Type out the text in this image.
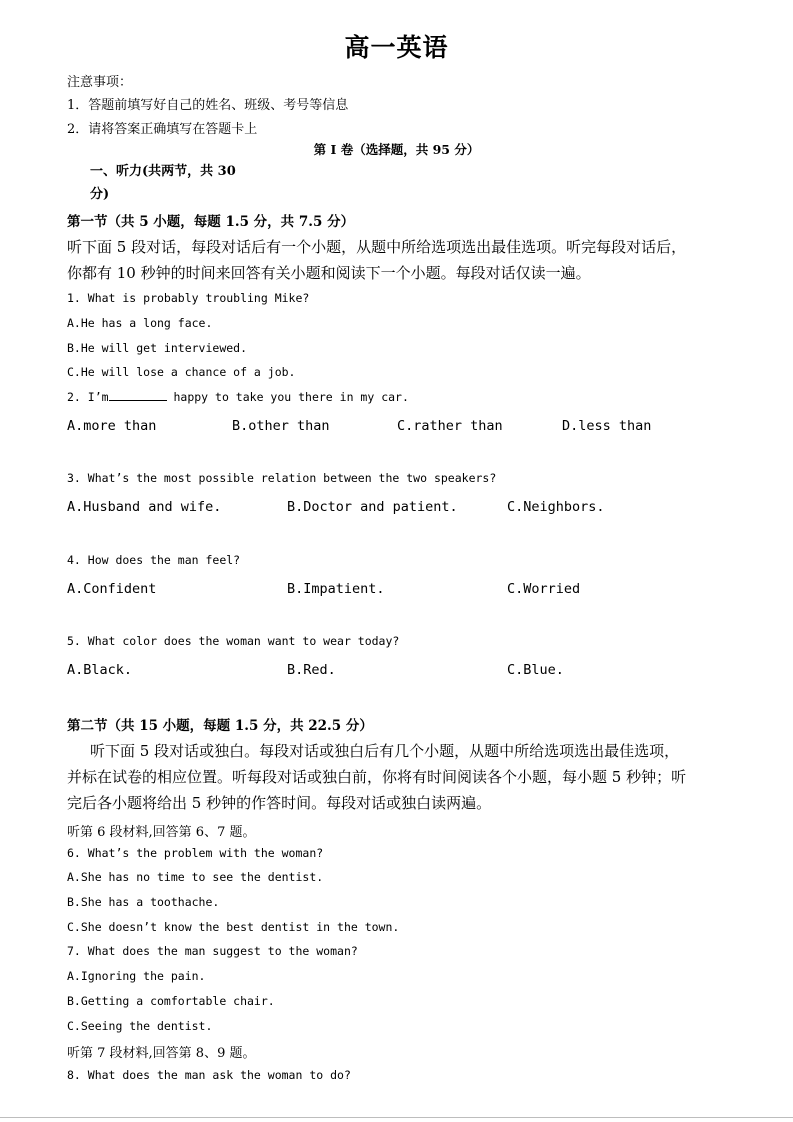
高一英语
注意事项：
1．答题前填写好自己的姓名、班级、考号等信息
2．请将答案正确填写在答题卡上
第 I 卷（选择题，共 95 分）
一、听力(共两节，共 30
分)
第一节（共 5 小题，每题 1.5 分，共 7.5 分）
听下面 5 段对话，每段对话后有一个小题，从题中所给选项选出最佳选项。听完每段对话后，
你都有 10 秒钟的时间来回答有关小题和阅读下一个小题。每段对话仅读一遍。
1. What is probably troubling Mike?
A.He has a long face.
B.He will get interviewed.
C.He will lose a chance of a job.
2. I’m	happy to take you there in my car.
A.more than	B.other than	C.rather than	D.less than
3. What’s the most possible relation between the two speakers?
A.Husband and wife.	B.Doctor and patient.	C.Neighbors.
4. How does the man feel?
A.Confident	B.Impatient.	C.Worried
5. What color does the woman want to wear today?
A.Black.	B.Red.	C.Blue.
第二节（共 15 小题，每题 1.5 分，共 22.5 分）
听下面 5 段对话或独白。每段对话或独白后有几个小题，从题中所给选项选出最佳选项，
并标在试卷的相应位置。听每段对话或独白前，你将有时间阅读各个小题，每小题 5 秒钟；听
完后各小题将给出 5 秒钟的作答时间。每段对话或独白读两遍。
听第 6 段材料,回答第 6、7 题。
6. What’s the problem with the woman?
A.She has no time to see the dentist.
B.She has a toothache.
C.She doesn’t know the best dentist in the town.
7. What does the man suggest to the woman?
A.Ignoring the pain.
B.Getting a comfortable chair.
C.Seeing the dentist.
听第 7 段材料,回答第 8、9 题。
8. What does the man ask the woman to do?
